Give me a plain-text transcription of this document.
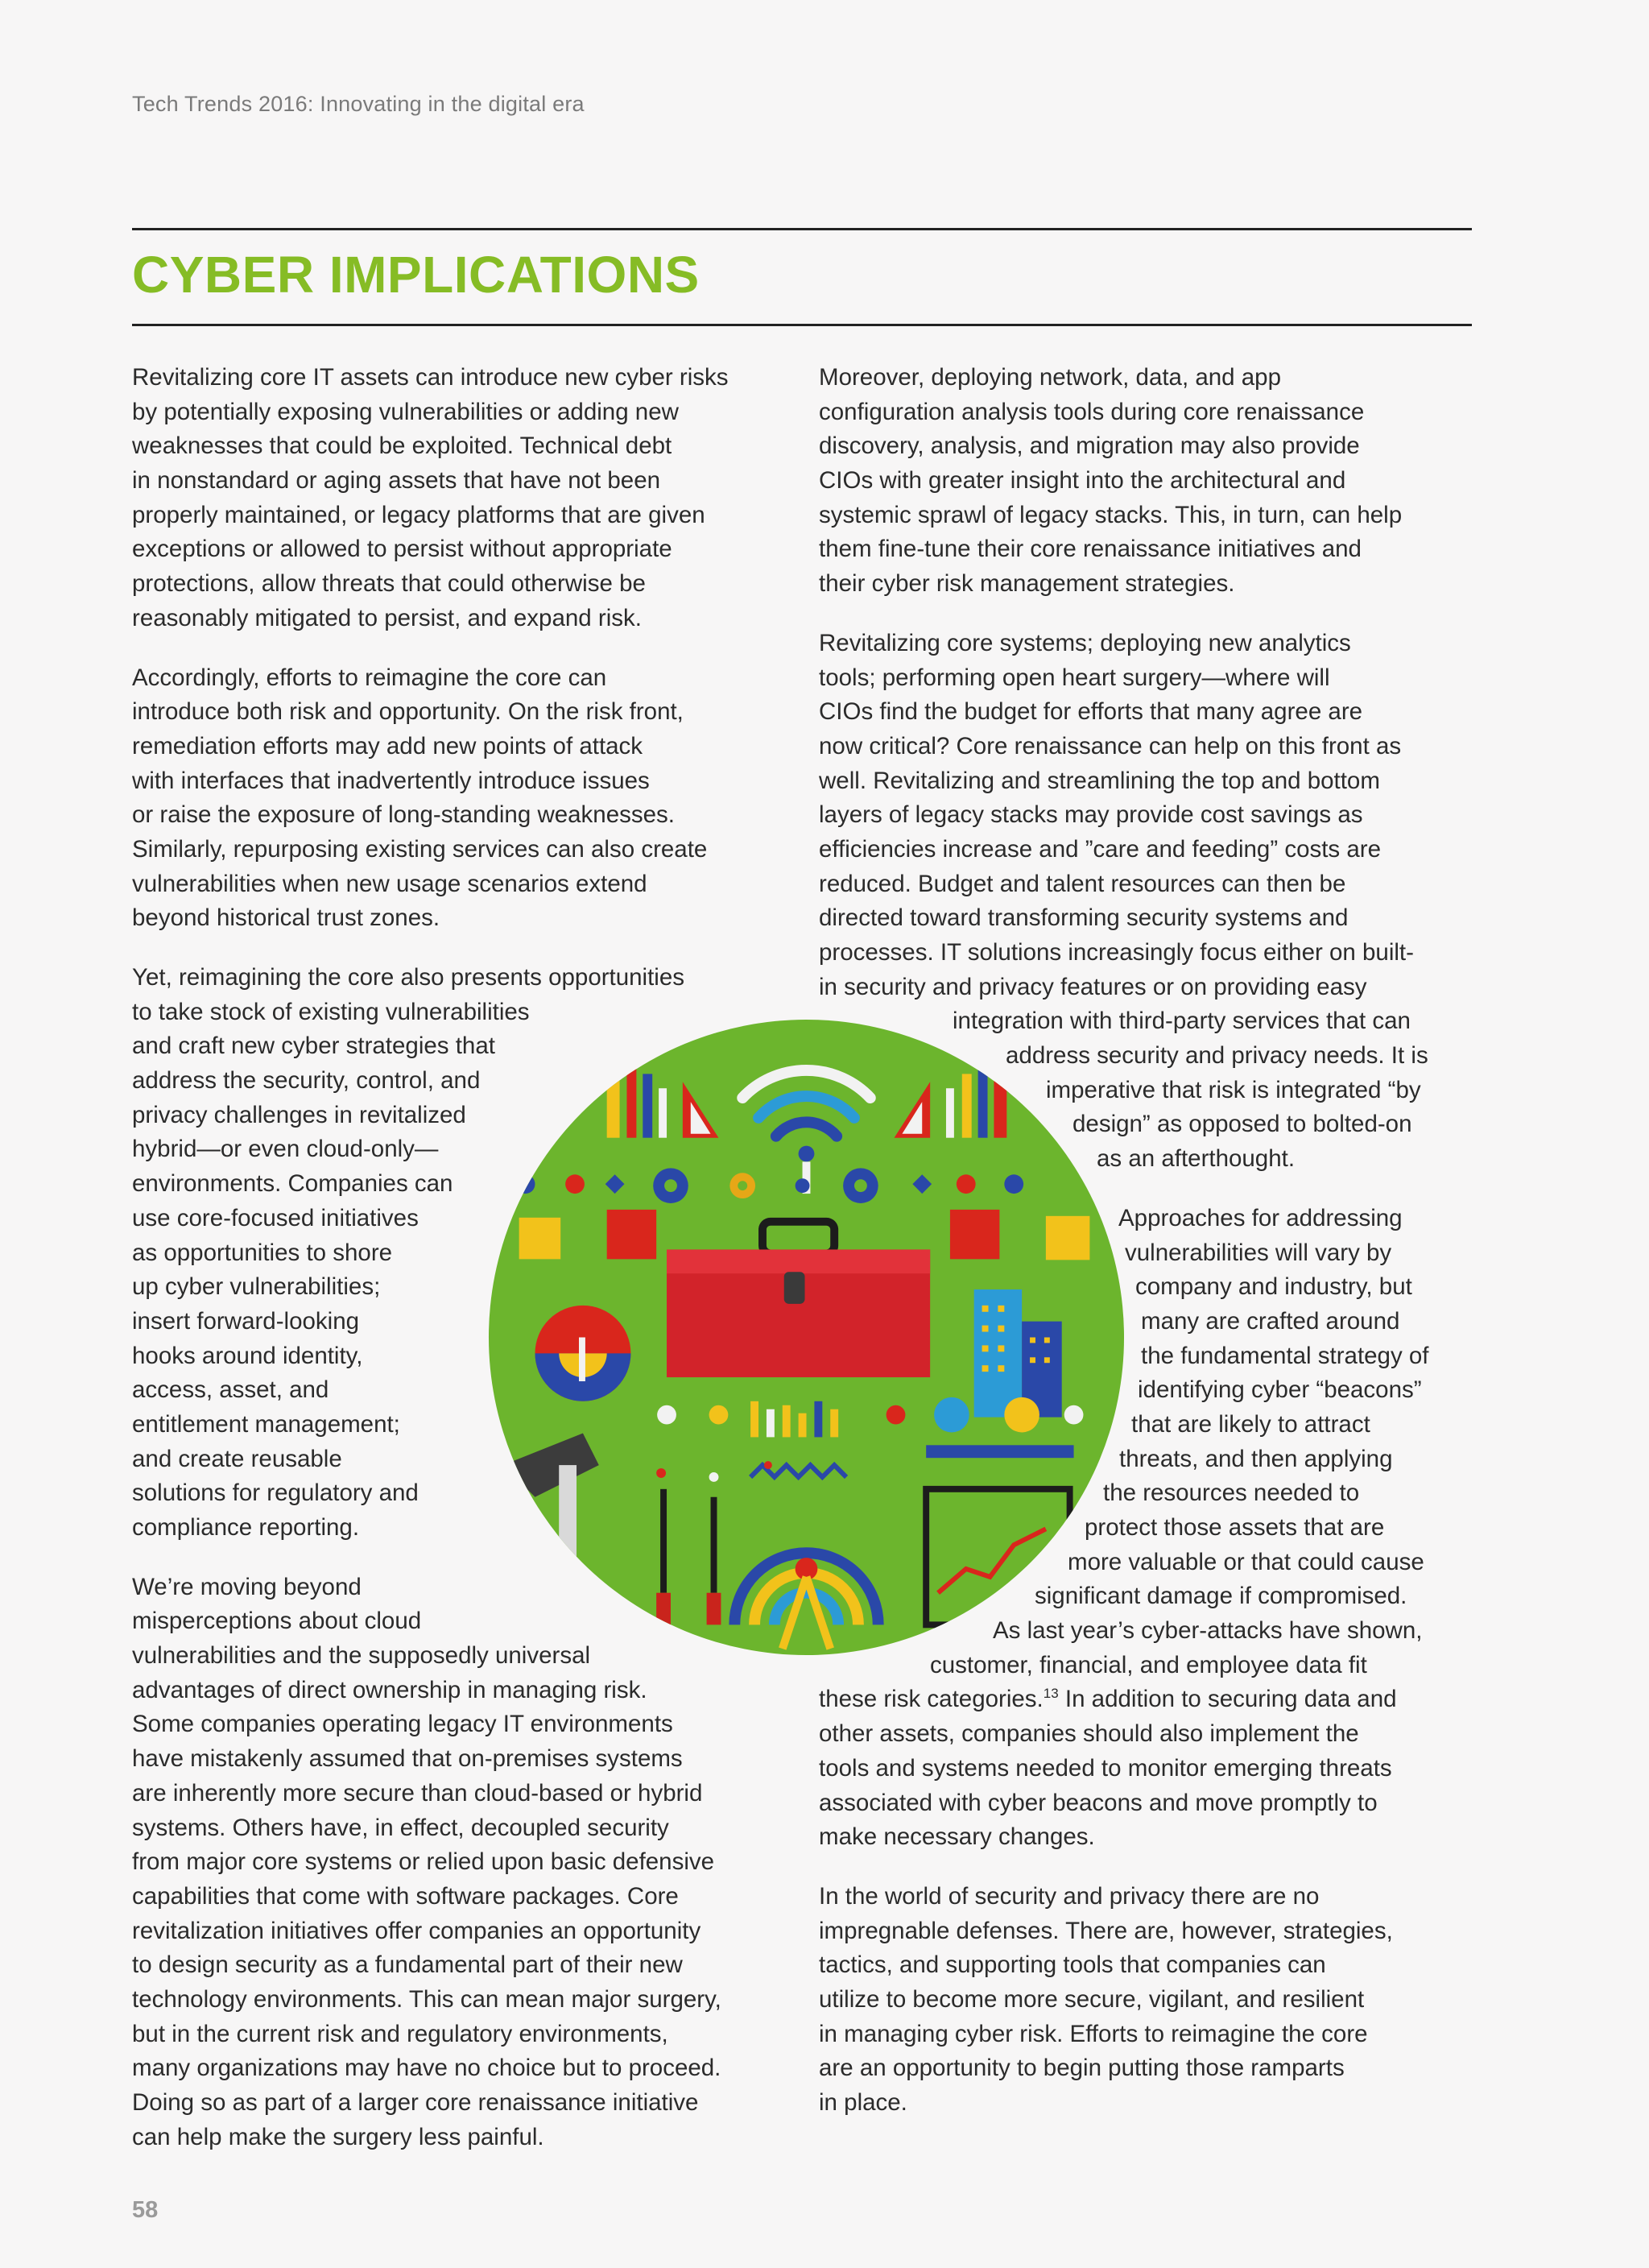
Tech Trends 2016: Innovating in the digital era
CYBER IMPLICATIONS
Revitalizing core IT assets can introduce new cyber risks
by potentially exposing vulnerabilities or adding new
weaknesses that could be exploited. Technical debt
in nonstandard or aging assets that have not been
properly maintained, or legacy platforms that are given
exceptions or allowed to persist without appropriate
protections, allow threats that could otherwise be
reasonably mitigated to persist, and expand risk.
Accordingly, efforts to reimagine the core can
introduce both risk and opportunity. On the risk front,
remediation efforts may add new points of attack
with interfaces that inadvertently introduce issues
or raise the exposure of long-standing weaknesses.
Similarly, repurposing existing services can also create
vulnerabilities when new usage scenarios extend
beyond historical trust zones.
Yet, reimagining the core also presents opportunities
to take stock of existing vulnerabilities
and craft new cyber strategies that
address the security, control, and
privacy challenges in revitalized
hybrid—or even cloud-only—
environments. Companies can
use core-focused initiatives
as opportunities to shore
up cyber vulnerabilities;
insert forward-looking
hooks around identity,
access, asset, and
entitlement management;
and create reusable
solutions for regulatory and
compliance reporting.
We’re moving beyond
misperceptions about cloud
vulnerabilities and the supposedly universal
advantages of direct ownership in managing risk.
Some companies operating legacy IT environments
have mistakenly assumed that on-premises systems
are inherently more secure than cloud-based or hybrid
systems. Others have, in effect, decoupled security
from major core systems or relied upon basic defensive
capabilities that come with software packages. Core
revitalization initiatives offer companies an opportunity
to design security as a fundamental part of their new
technology environments. This can mean major surgery,
but in the current risk and regulatory environments,
many organizations may have no choice but to proceed.
Doing so as part of a larger core renaissance initiative
can help make the surgery less painful.
Moreover, deploying network, data, and app
configuration analysis tools during core renaissance
discovery, analysis, and migration may also provide
CIOs with greater insight into the architectural and
systemic sprawl of legacy stacks. This, in turn, can help
them fine-tune their core renaissance initiatives and
their cyber risk management strategies.
Revitalizing core systems; deploying new analytics
tools; performing open heart surgery—where will
CIOs find the budget for efforts that many agree are
now critical? Core renaissance can help on this front as
well. Revitalizing and streamlining the top and bottom
layers of legacy stacks may provide cost savings as
efficiencies increase and ”care and feeding” costs are
reduced. Budget and talent resources can then be
directed toward transforming security systems and
processes. IT solutions increasingly focus either on built-
in security and privacy features or on providing easy
integration with third-party services that can
address security and privacy needs. It is
imperative that risk is integrated “by
design” as opposed to bolted-on
as an afterthought.
Approaches for addressing
vulnerabilities will vary by
company and industry, but
many are crafted around
the fundamental strategy of
identifying cyber “beacons”
that are likely to attract
threats, and then applying
the resources needed to
protect those assets that are
more valuable or that could cause
significant damage if compromised.
As last year’s cyber-attacks have shown,
customer, financial, and employee data fit
these risk categories.$^{13}$ In addition to securing data and
other assets, companies should also implement the
tools and systems needed to monitor emerging threats
associated with cyber beacons and move promptly to
make necessary changes.
In the world of security and privacy there are no
impregnable defenses. There are, however, strategies,
tactics, and supporting tools that companies can
utilize to become more secure, vigilant, and resilient
in managing cyber risk. Efforts to reimagine the core
are an opportunity to begin putting those ramparts
in place.
58
